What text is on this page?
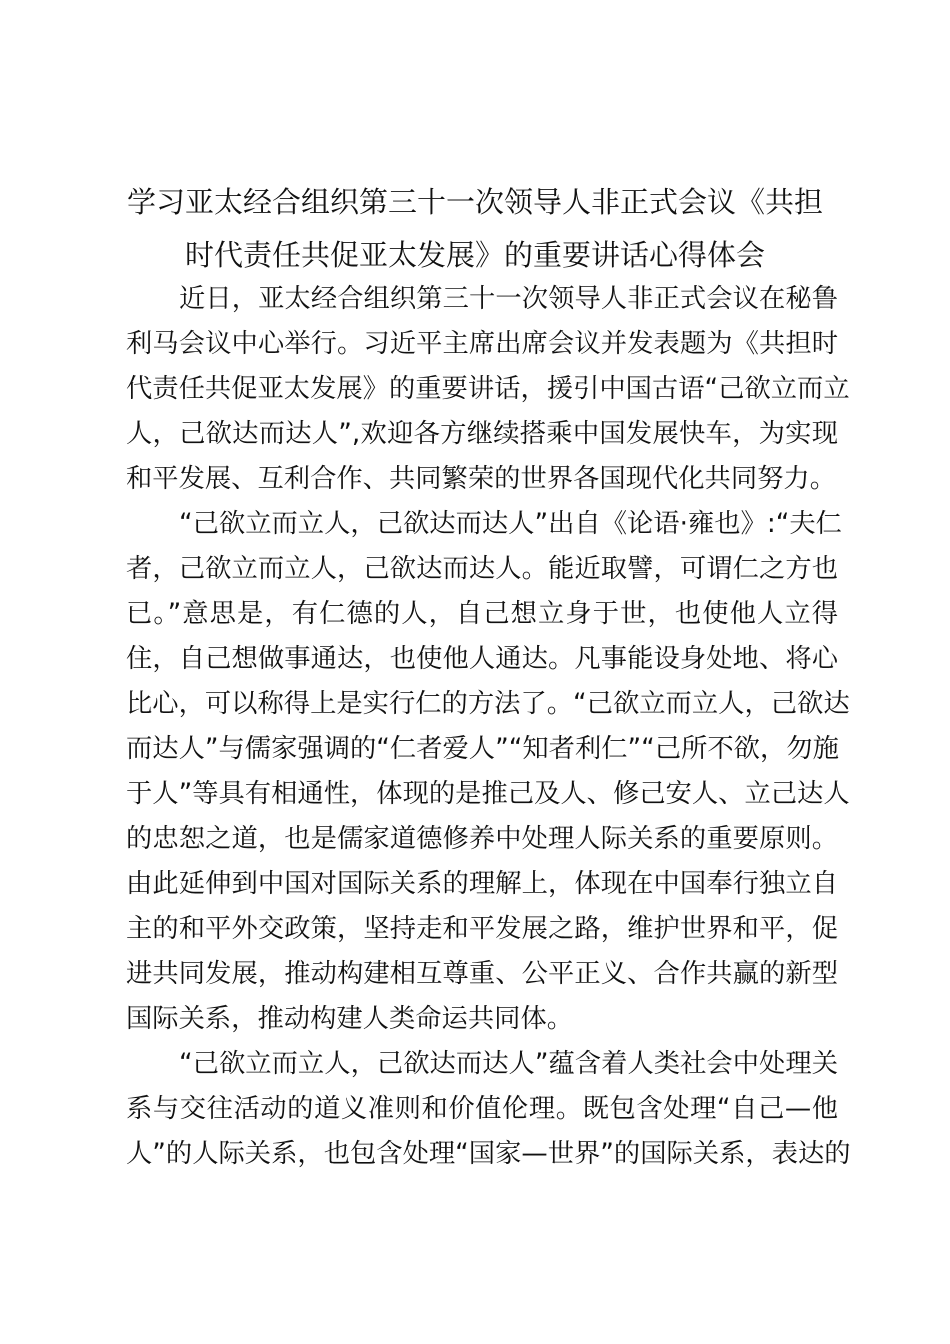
学习亚太经合组织第三十一次领导人非正式会议《共担
时代责任共促亚太发展》的重要讲话心得体会

近日，亚太经合组织第三十一次领导人非正式会议在秘鲁
利马会议中心举行。习近平主席出席会议并发表题为《共担时
代责任共促亚太发展》的重要讲话，援引中国古语“己欲立而立
人，己欲达而达人”,欢迎各方继续搭乘中国发展快车，为实现
和平发展、互利合作、共同繁荣的世界各国现代化共同努力。

“己欲立而立人，己欲达而达人”出自《论语·雍也》:“夫仁
者，己欲立而立人，己欲达而达人。能近取譬，可谓仁之方也
已。”意思是，有仁德的人，自己想立身于世，也使他人立得
住，自己想做事通达，也使他人通达。凡事能设身处地、将心
比心，可以称得上是实行仁的方法了。“己欲立而立人，己欲达
而达人”与儒家强调的“仁者爱人”“知者利仁”“己所不欲，勿施
于人”等具有相通性，体现的是推己及人、修己安人、立己达人
的忠恕之道，也是儒家道德修养中处理人际关系的重要原则。
由此延伸到中国对国际关系的理解上，体现在中国奉行独立自
主的和平外交政策，坚持走和平发展之路，维护世界和平，促
进共同发展，推动构建相互尊重、公平正义、合作共赢的新型
国际关系，推动构建人类命运共同体。

“己欲立而立人，己欲达而达人”蕴含着人类社会中处理关
系与交往活动的道义准则和价值伦理。既包含处理“自己—他
人”的人际关系，也包含处理“国家—世界”的国际关系，表达的
